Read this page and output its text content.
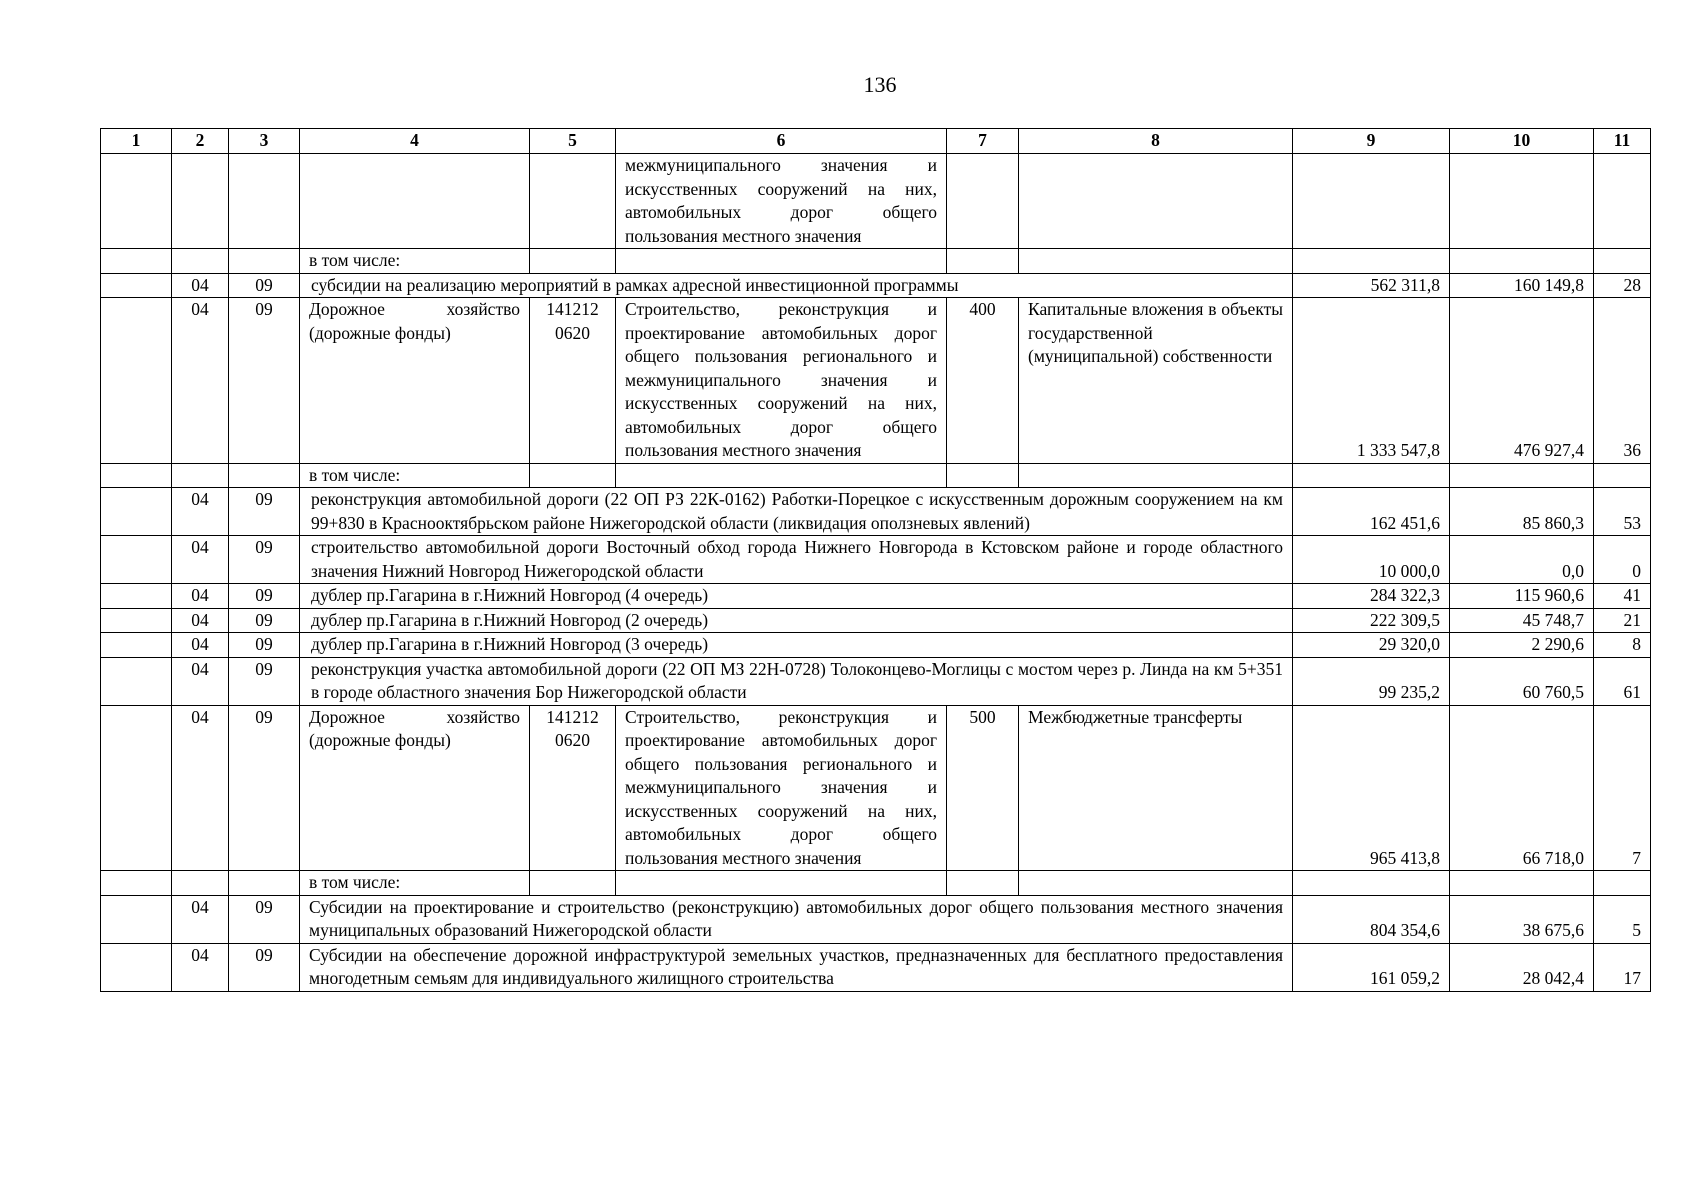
136
1	2	3	4	5	6	7	8	9	10	11
					межмуниципального значения и искусственных сооружений на них, автомобильных дорог общего пользования местного значения					
			в том числе:							
	04	09	субсидии на реализацию мероприятий в рамках адресной инвестиционной программы					562 311,8	160 149,8	28
	04	09	Дорожное хозяйство (дорожные фонды)	141212 0620	Строительство, реконструкция и проектирование автомобильных дорог общего пользования регионального и межмуниципального значения и искусственных сооружений на них, автомобильных дорог общего пользования местного значения	400	Капитальные вложения в объекты государственной (муниципальной) собственности	1 333 547,8	476 927,4	36
			в том числе:							
	04	09	реконструкция автомобильной дороги (22 ОП РЗ 22К-0162) Работки-Порецкое с искусственным дорожным сооружением на км 99+830 в Краснооктябрьском районе Нижегородской области (ликвидация оползневых явлений)					162 451,6	85 860,3	53
	04	09	строительство автомобильной дороги Восточный обход города Нижнего Новгорода в Кстовском районе и городе областного значения Нижний Новгород Нижегородской области					10 000,0	0,0	0
	04	09	дублер пр.Гагарина в г.Нижний Новгород (4 очередь)					284 322,3	115 960,6	41
	04	09	дублер пр.Гагарина в г.Нижний Новгород (2 очередь)					222 309,5	45 748,7	21
	04	09	дублер пр.Гагарина в г.Нижний Новгород (3 очередь)					29 320,0	2 290,6	8
	04	09	реконструкция участка автомобильной дороги (22 ОП МЗ 22Н-0728) Толоконцево-Моглицы с мостом через р. Линда на км 5+351 в городе областного значения Бор Нижегородской области					99 235,2	60 760,5	61
	04	09	Дорожное хозяйство (дорожные фонды)	141212 0620	Строительство, реконструкция и проектирование автомобильных дорог общего пользования регионального и межмуниципального значения и искусственных сооружений на них, автомобильных дорог общего пользования местного значения	500	Межбюджетные трансферты	965 413,8	66 718,0	7
			в том числе:							
	04	09	Субсидии на проектирование и строительство (реконструкцию) автомобильных дорог общего пользования местного значения муниципальных образований Нижегородской области					804 354,6	38 675,6	5
	04	09	Субсидии на обеспечение дорожной инфраструктурой земельных участков, предназначенных для бесплатного предоставления многодетным семьям для индивидуального жилищного строительства					161 059,2	28 042,4	17
